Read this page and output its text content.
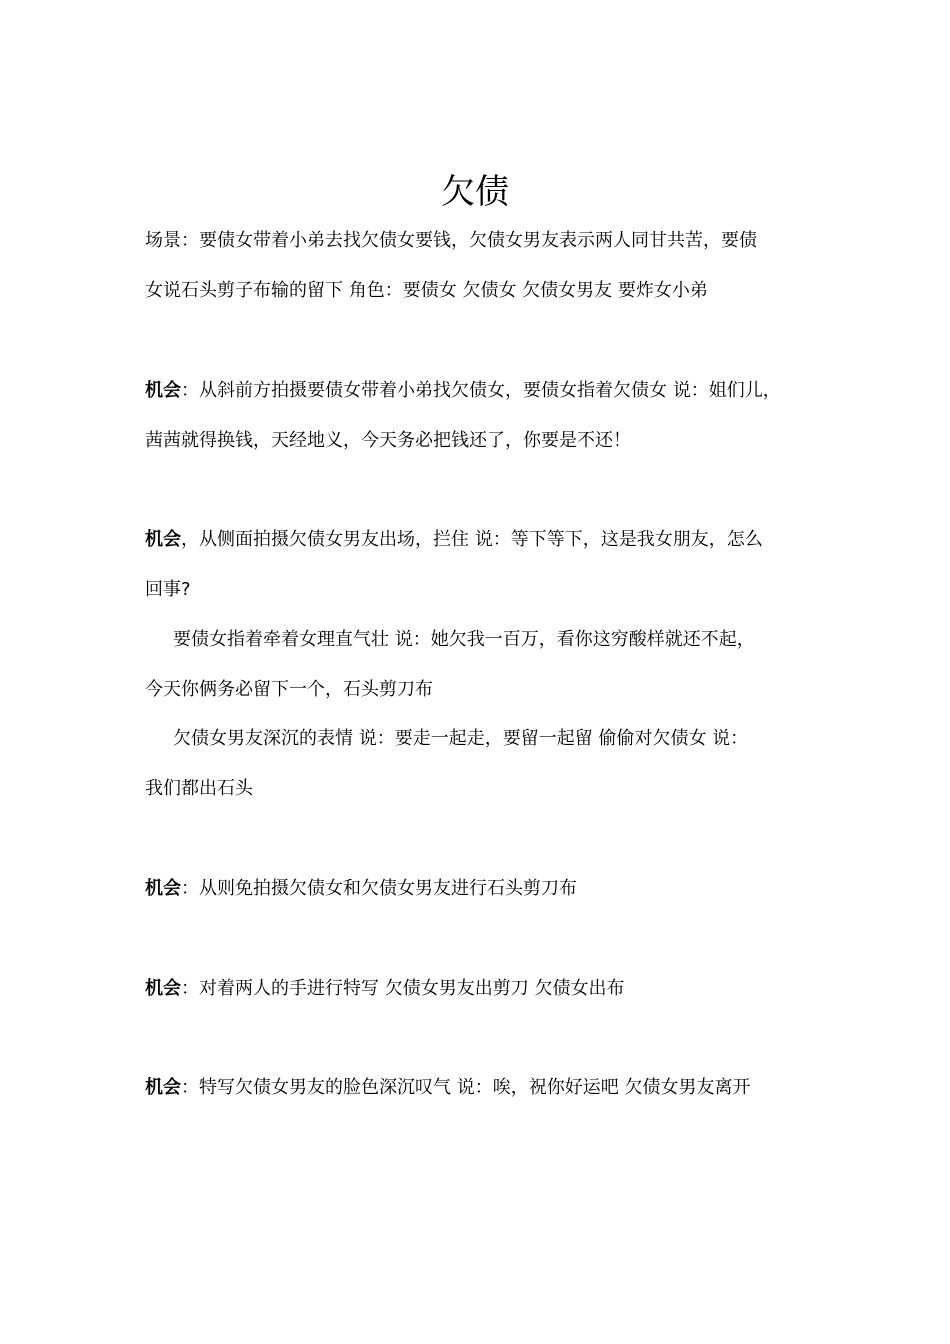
欠债
场景：要债女带着小弟去找欠债女要钱，欠债女男友表示两人同甘共苦，要债
女说石头剪子布输的留下 角色：要债女 欠债女 欠债女男友 要炸女小弟
机会：从斜前方拍摄要债女带着小弟找欠债女，要债女指着欠债女 说：姐们儿，
茜茜就得换钱，天经地义，今天务必把钱还了，你要是不还！
机会，从侧面拍摄欠债女男友出场，拦住 说：等下等下，这是我女朋友，怎么
回事?
要债女指着牵着女理直气壮 说：她欠我一百万，看你这穷酸样就还不起，
今天你俩务必留下一个，石头剪刀布
欠债女男友深沉的表情 说：要走一起走，要留一起留 偷偷对欠债女 说：
我们都出石头
机会：从则免拍摄欠债女和欠债女男友进行石头剪刀布
机会：对着两人的手进行特写 欠债女男友出剪刀 欠债女出布
机会：特写欠债女男友的脸色深沉叹气 说：唉，祝你好运吧 欠债女男友离开
